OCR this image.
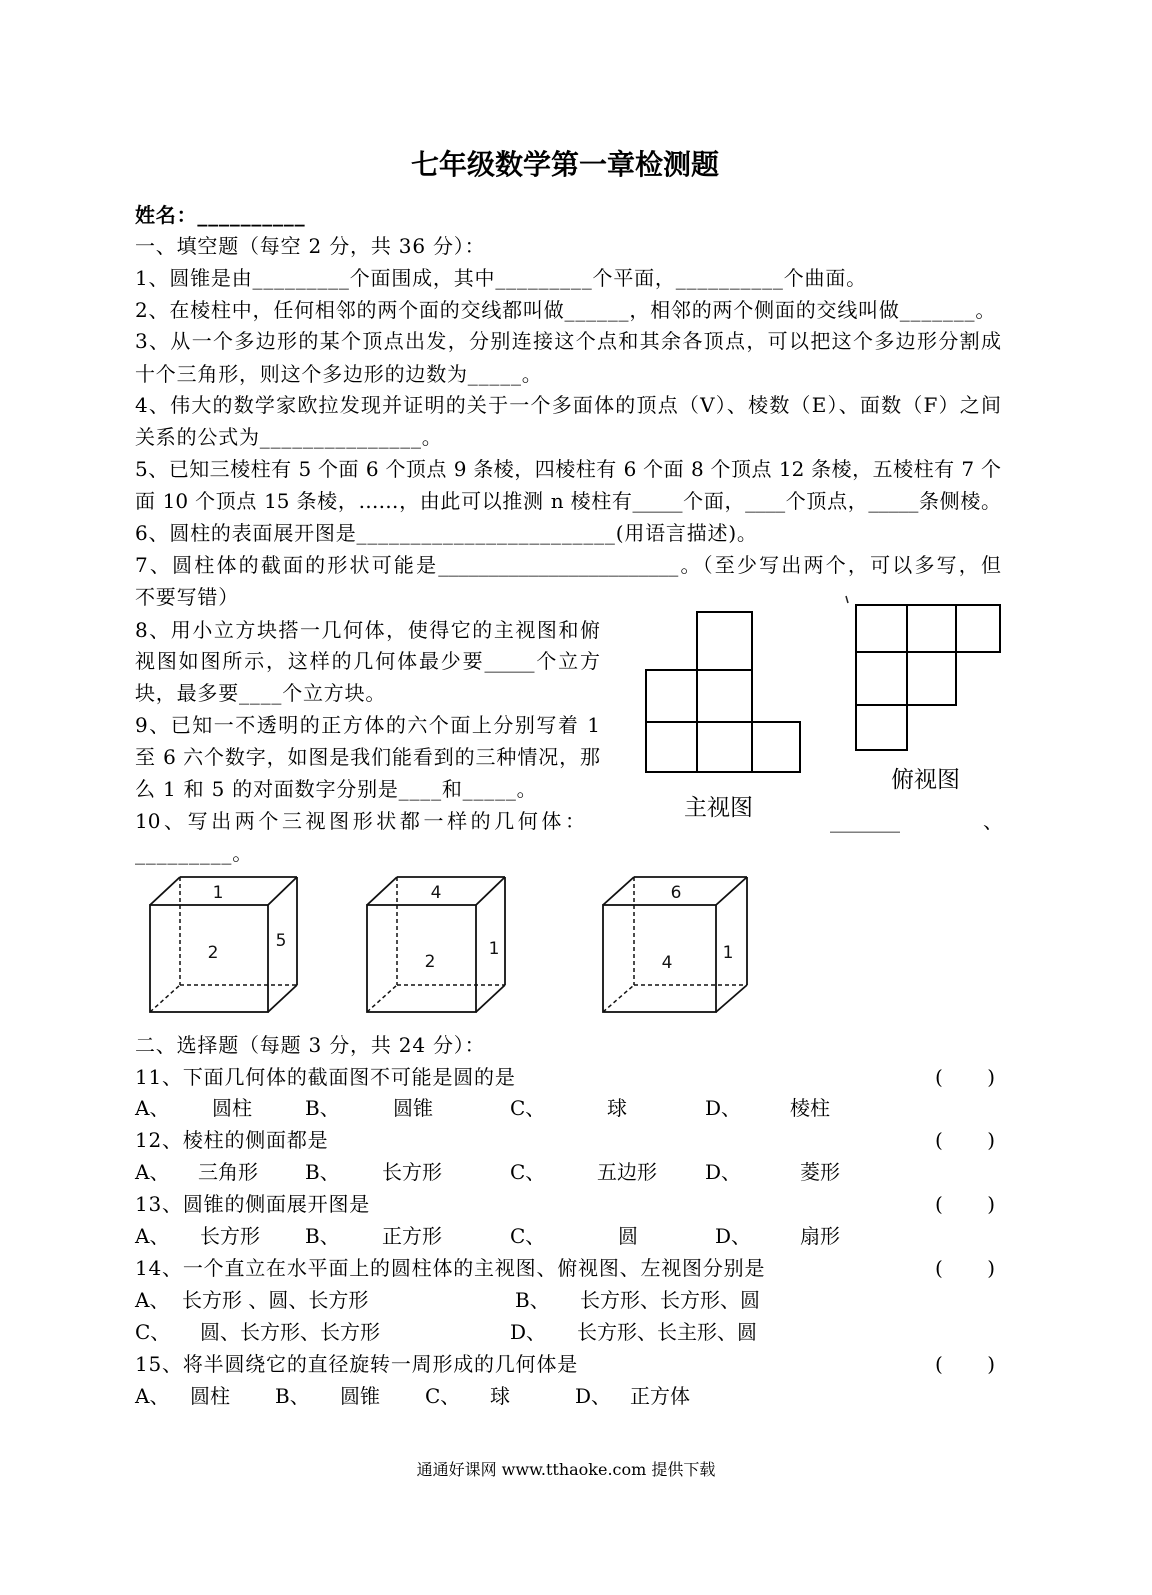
七年级数学第一章检测题
姓名：__________
一、填空题（每空 2 分，共 36 分）：
1、圆锥是由_________个面围成，其中_________个平面，__________个曲面。
2、在棱柱中，任何相邻的两个面的交线都叫做______，相邻的两个侧面的交线叫做_______。
3、从一个多边形的某个顶点出发，分别连接这个点和其余各顶点，可以把这个多边形分割成
十个三角形，则这个多边形的边数为_____。
4、伟大的数学家欧拉发现并证明的关于一个多面体的顶点（V）、棱数（E）、面数（F）之间
关系的公式为_______________。
5、已知三棱柱有 5 个面 6 个顶点 9 条棱，四棱柱有 6 个面 8 个顶点 12 条棱，五棱柱有 7 个
面 10 个顶点 15 条棱，……，由此可以推测 n 棱柱有_____个面，____个顶点，_____条侧棱。
6、圆柱的表面展开图是________________________(用语言描述)。
7、圆柱体的截面的形状可能是________________________。（至少写出两个，可以多写，但
不要写错）
8、用小立方块搭一几何体，使得它的主视图和俯
视图如图所示，这样的几何体最少要_____个立方
块，最多要____个立方块。
9、已知一不透明的正方体的六个面上分别写着 1
至 6 六个数字，如图是我们能看到的三种情况，那
么 1 和 5 的对面数字分别是____和_____。
10、写出两个三视图形状都一样的几何体：	_______	、
_________。
主视图
俯视图
1
2
5
4
2
1
6
4	1
二、选择题（每题 3 分，共 24 分）：
11、下面几何体的截面图不可能是圆的是	(       )
A、 圆柱	B、	圆锥	C、	球	D、 棱柱
12、棱柱的侧面都是	(       )
A、 三角形 B、 长方形	C、	五边形 D、	菱形
13、圆锥的侧面展开图是	(       )
A、 长方形 B、 正方形	C、	圆	D、 扇形
14、一个直立在水平面上的圆柱体的主视图、俯视图、左视图分别是	(       )
A、 长方形 、圆、长方形	B、 长方形、长方形、圆
C、 圆、长方形、长方形	D、 长方形、长主形、圆
15、将半圆绕它的直径旋转一周形成的几何体是	(       )
A、 圆柱 B、 圆锥 C、 球	D、 正方体
通通好课网 www.tthaoke.com 提供下载
